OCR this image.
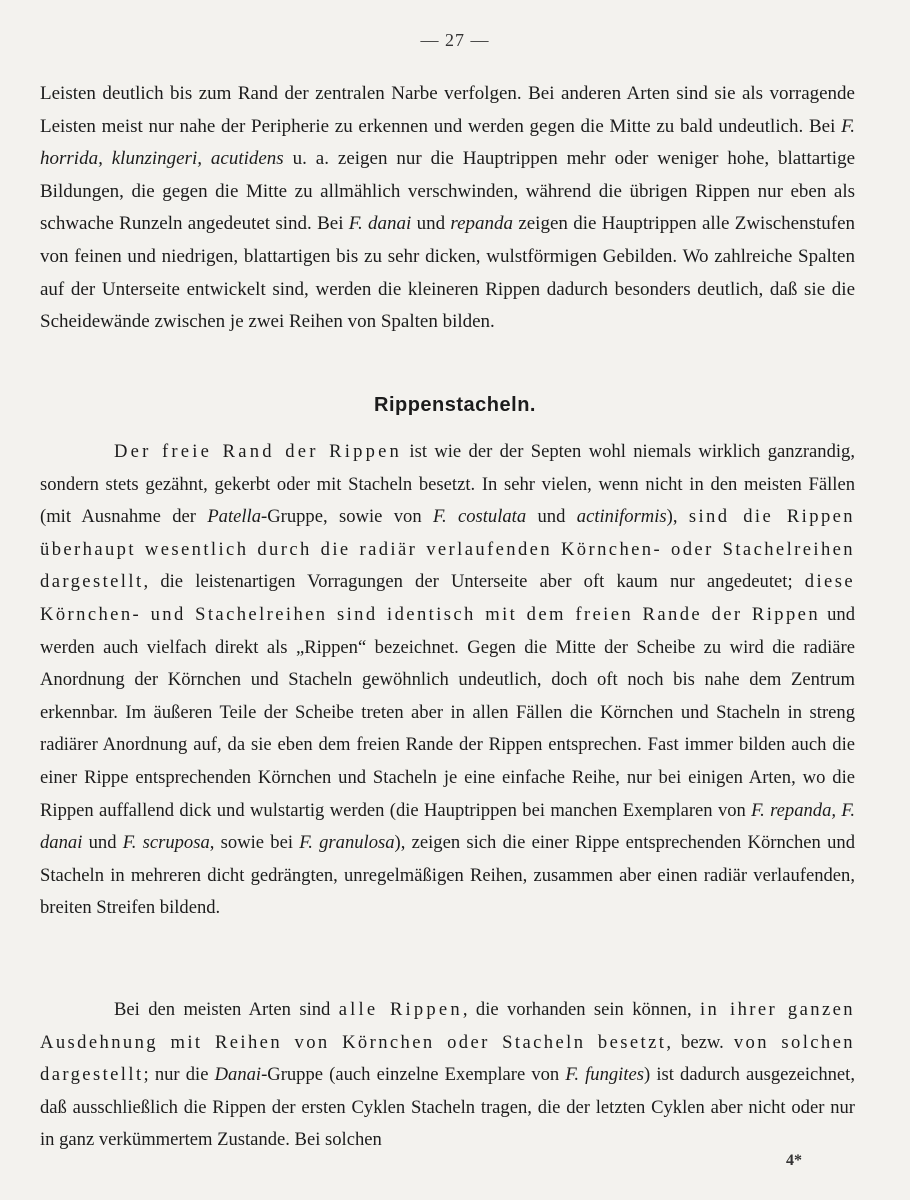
— 27 —

Leisten deutlich bis zum Rand der zentralen Narbe verfolgen. Bei anderen Arten sind sie als vorragende Leisten meist nur nahe der Peripherie zu erkennen und werden gegen die Mitte zu bald undeutlich. Bei F. horrida, klunzingeri, acutidens u. a. zeigen nur die Hauptrippen mehr oder weniger hohe, blattartige Bildungen, die gegen die Mitte zu allmählich verschwinden, während die übrigen Rippen nur eben als schwache Runzeln angedeutet sind. Bei F. danai und repanda zeigen die Hauptrippen alle Zwischenstufen von feinen und niedrigen, blattartigen bis zu sehr dicken, wulstförmigen Gebilden. Wo zahlreiche Spalten auf der Unterseite entwickelt sind, werden die kleineren Rippen dadurch besonders deutlich, daß sie die Scheidewände zwischen je zwei Reihen von Spalten bilden.

Rippenstacheln.

Der freie Rand der Rippen ist wie der der Septen wohl niemals wirklich ganzrandig, sondern stets gezähnt, gekerbt oder mit Stacheln besetzt. In sehr vielen, wenn nicht in den meisten Fällen (mit Ausnahme der Patella-Gruppe, sowie von F. costulata und actiniformis), sind die Rippen überhaupt wesentlich durch die radiär verlaufenden Körnchen- oder Stachelreihen dargestellt, die leistenartigen Vorragungen der Unterseite aber oft kaum nur angedeutet; diese Körnchen- und Stachelreihen sind identisch mit dem freien Rande der Rippen und werden auch vielfach direkt als „Rippen“ bezeichnet. Gegen die Mitte der Scheibe zu wird die radiäre Anordnung der Körnchen und Stacheln gewöhnlich undeutlich, doch oft noch bis nahe dem Zentrum erkennbar. Im äußeren Teile der Scheibe treten aber in allen Fällen die Körnchen und Stacheln in streng radiärer Anordnung auf, da sie eben dem freien Rande der Rippen entsprechen. Fast immer bilden auch die einer Rippe entsprechenden Körnchen und Stacheln je eine einfache Reihe, nur bei einigen Arten, wo die Rippen auffallend dick und wulstartig werden (die Hauptrippen bei manchen Exemplaren von F. repanda, F. danai und F. scruposa, sowie bei F. granulosa), zeigen sich die einer Rippe entsprechenden Körnchen und Stacheln in mehreren dicht gedrängten, unregelmäßigen Reihen, zusammen aber einen radiär verlaufenden, breiten Streifen bildend.

Bei den meisten Arten sind alle Rippen, die vorhanden sein können, in ihrer ganzen Ausdehnung mit Reihen von Körnchen oder Stacheln besetzt, bezw. von solchen dargestellt; nur die Danai-Gruppe (auch einzelne Exemplare von F. fungites) ist dadurch ausgezeichnet, daß ausschließlich die Rippen der ersten Cyklen Stacheln tragen, die der letzten Cyklen aber nicht oder nur in ganz verkümmertem Zustande. Bei solchen

4*
